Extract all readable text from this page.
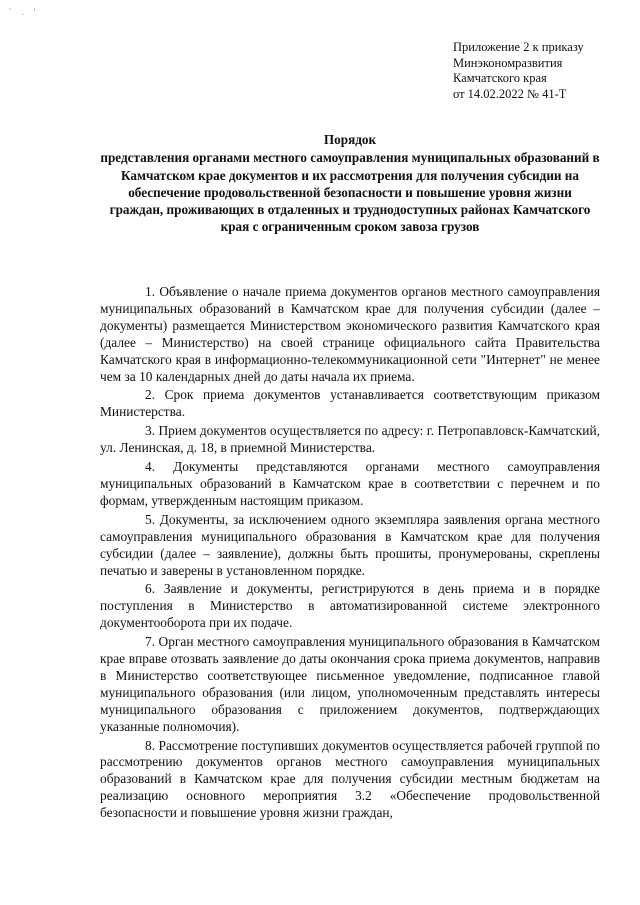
` . '
Приложение 2 к приказу
Минэкономразвития
Камчатского края
от 14.02.2022 № 41-Т
Порядок
представления органами местного самоуправления муниципальных образований в Камчатском крае документов и их рассмотрения для получения субсидии на обеспечение продовольственной безопасности и повышение уровня жизни граждан, проживающих в отдаленных и труднодоступных районах Камчатского края с ограниченным сроком завоза грузов

1. Объявление о начале приема документов органов местного самоуправления муниципальных образований в Камчатском крае для получения субсидии (далее – документы) размещается Министерством экономического развития Камчатского края (далее – Министерство) на своей странице официального сайта Правительства Камчатского края в информационно-телекоммуникационной сети "Интернет" не менее чем за 10 календарных дней до даты начала их приема.

2. Срок приема документов устанавливается соответствующим приказом Министерства.

3. Прием документов осуществляется по адресу: г. Петропавловск-Камчатский, ул. Ленинская, д. 18, в приемной Министерства.

4. Документы представляются органами местного самоуправления муниципальных образований в Камчатском крае в соответствии с перечнем и по формам, утвержденным настоящим приказом.

5. Документы, за исключением одного экземпляра заявления органа местного самоуправления муниципального образования в Камчатском крае для получения субсидии (далее – заявление), должны быть прошиты, пронумерованы, скреплены печатью и заверены в установленном порядке.

6. Заявление и документы, регистрируются в день приема и в порядке поступления в Министерство в автоматизированной системе электронного документооборота при их подаче.

7. Орган местного самоуправления муниципального образования в Камчатском крае вправе отозвать заявление до даты окончания срока приема документов, направив в Министерство соответствующее письменное уведомление, подписанное главой муниципального образования (или лицом, уполномоченным представлять интересы муниципального образования с приложением документов, подтверждающих указанные полномочия).

8. Рассмотрение поступивших документов осуществляется рабочей группой по рассмотрению документов органов местного самоуправления муниципальных образований в Камчатском крае для получения субсидии местным бюджетам на реализацию основного мероприятия 3.2 «Обеспечение продовольственной безопасности и повышение уровня жизни граждан,
